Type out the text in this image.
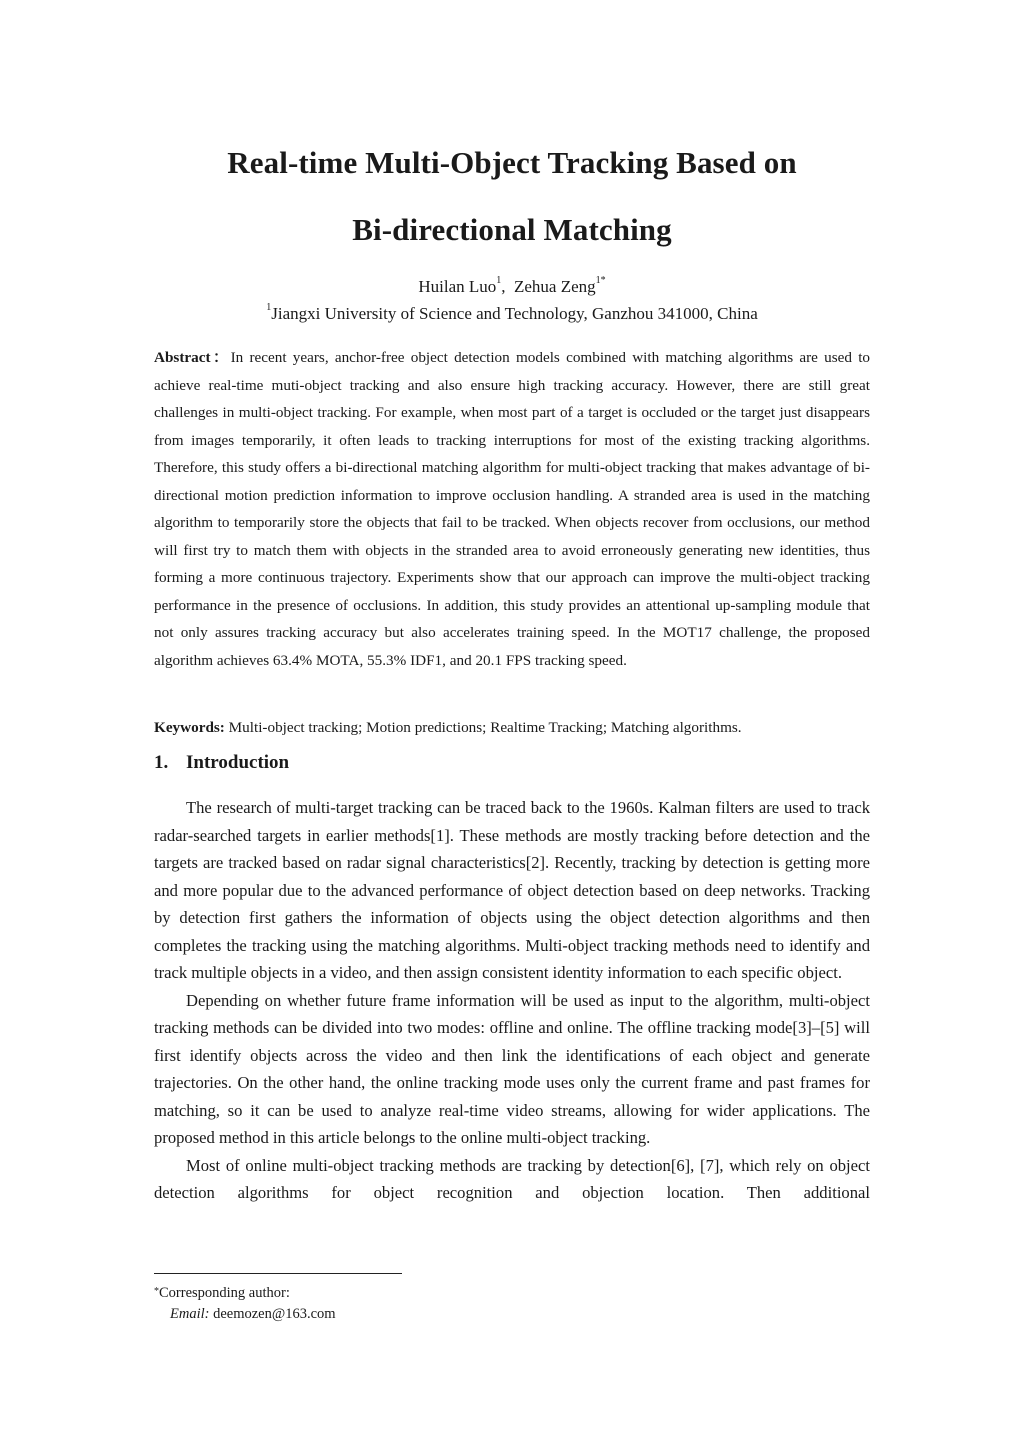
Real-time Multi-Object Tracking Based on
Bi-directional Matching
Huilan Luo$^1$,  Zehua Zeng$^{1*}$
$^1$Jiangxi University of Science and Technology, Ganzhou 341000, China

Abstract：In recent years, anchor-free object detection models combined with matching algorithms are used to achieve real-time muti-object tracking and also ensure high tracking accuracy. However, there are still great challenges in multi-object tracking. For example, when most part of a target is occluded or the target just disappears from images temporarily, it often leads to tracking interruptions for most of the existing tracking algorithms. Therefore, this study offers a bi-directional matching algorithm for multi-object tracking that makes advantage of bi-directional motion prediction information to improve occlusion handling. A stranded area is used in the matching algorithm to temporarily store the objects that fail to be tracked. When objects recover from occlusions, our method will first try to match them with objects in the stranded area to avoid erroneously generating new identities, thus forming a more continuous trajectory. Experiments show that our approach can improve the multi-object tracking performance in the presence of occlusions. In addition, this study provides an attentional up-sampling module that not only assures tracking accuracy but also accelerates training speed. In the MOT17 challenge, the proposed algorithm achieves 63.4% MOTA, 55.3% IDF1, and 20.1 FPS tracking speed.

Keywords: Multi-object tracking; Motion predictions; Realtime Tracking; Matching algorithms.

1. Introduction

The research of multi-target tracking can be traced back to the 1960s. Kalman filters are used to track radar-searched targets in earlier methods[1]. These methods are mostly tracking before detection and the targets are tracked based on radar signal characteristics[2]. Recently, tracking by detection is getting more and more popular due to the advanced performance of object detection based on deep networks. Tracking by detection first gathers the information of objects using the object detection algorithms and then completes the tracking using the matching algorithms. Multi-object tracking methods need to identify and track multiple objects in a video, and then assign consistent identity information to each specific object.

Depending on whether future frame information will be used as input to the algorithm, multi-object tracking methods can be divided into two modes: offline and online. The offline tracking mode[3]–[5] will first identify objects across the video and then link the identifications of each object and generate trajectories. On the other hand, the online tracking mode uses only the current frame and past frames for matching, so it can be used to analyze real-time video streams, allowing for wider applications. The proposed method in this article belongs to the online multi-object tracking.

Most of online multi-object tracking methods are tracking by detection[6], [7], which rely on object detection algorithms for object recognition and objection location. Then additional

*Corresponding author:
Email: deemozen@163.com
